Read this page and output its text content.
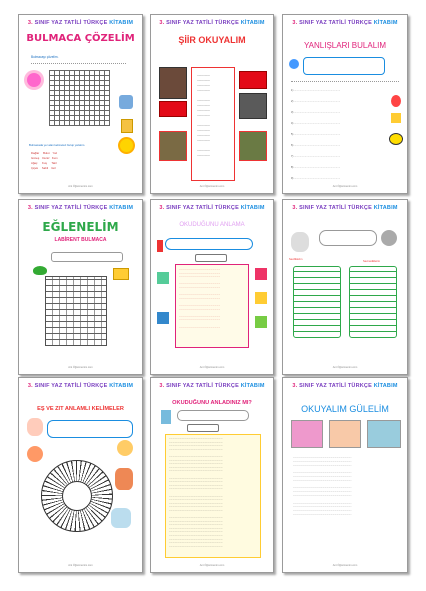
3. SINIF YAZ TATİLİ TÜRKÇE KİTABIM
BULMACA ÇÖZELİM
Bulmacayı çözelim.

Bulmacada yer alan kelimeleri bulup yazalım.
Dağlar     Bulut    Yaz
Güneş    Deniz   Kum
Ağaç      Kuş      Tatil
Çiçek     Sahil    Göl
Ant Öğretmenim.com
3. SINIF YAZ TATİLİ TÜRKÇE KİTABIM
ŞİİR OKUYALIM
---------------
---------------
---------------
---------------

---------------
---------------
---------------
---------------

---------------
---------------
---------------
---------------

---------------
---------------
Ant Öğretmenim.com
3. SINIF YAZ TATİLİ TÜRKÇE KİTABIM
YANLIŞLARI BULALIM
1) ................................................................
2) ................................................................
3) ................................................................
4) ................................................................
5) ................................................................
6) ................................................................
7) ................................................................
8) ................................................................
9) ................................................................
Ant Öğretmenim.com
3. SINIF YAZ TATİLİ TÜRKÇE KİTABIM
EĞLENELİM
LABİRENT BULMACA
Ant Öğretmenim.com
3. SINIF YAZ TATİLİ TÜRKÇE KİTABIM
OKUDUĞUNU ANLAMA
..............................................................
..............................................................
..............................................................

..............................................................
..............................................................

..............................................................
..............................................................

..............................................................
..............................................................

..............................................................
..............................................................

..............................................................
Ant Öğretmenim.com
3. SINIF YAZ TATİLİ TÜRKÇE KİTABIM
Sevdiklerim
Sevmediklerim
Ant Öğretmenim.com
3. SINIF YAZ TATİLİ TÜRKÇE KİTABIM
EŞ VE ZIT ANLAMLI KELİMELER
Ant Öğretmenim.com
3. SINIF YAZ TATİLİ TÜRKÇE KİTABIM
OKUDUĞUNU ANLADINIZ MI?
....................................................................................
....................................................................................
....................................................................................
....................................................................................

....................................................................................
....................................................................................
....................................................................................
....................................................................................
....................................................................................

....................................................................................
....................................................................................
....................................................................................
....................................................................................

....................................................................................
....................................................................................
....................................................................................
....................................................................................
....................................................................................

....................................................................................
....................................................................................
....................................................................................
....................................................................................
....................................................................................
....................................................................................
....................................................................................
....................................................................................
....................................................................................
Ant Öğretmenim.com
3. SINIF YAZ TATİLİ TÜRKÇE KİTABIM
OKUYALIM GÜLELİM
........................................................................................
........................................................................................
........................................................................................

........................................................................................
........................................................................................
........................................................................................

........................................................................................
........................................................................................
........................................................................................

........................................................................................
........................................................................................
........................................................................................
........................................................................................
Ant Öğretmenim.com
